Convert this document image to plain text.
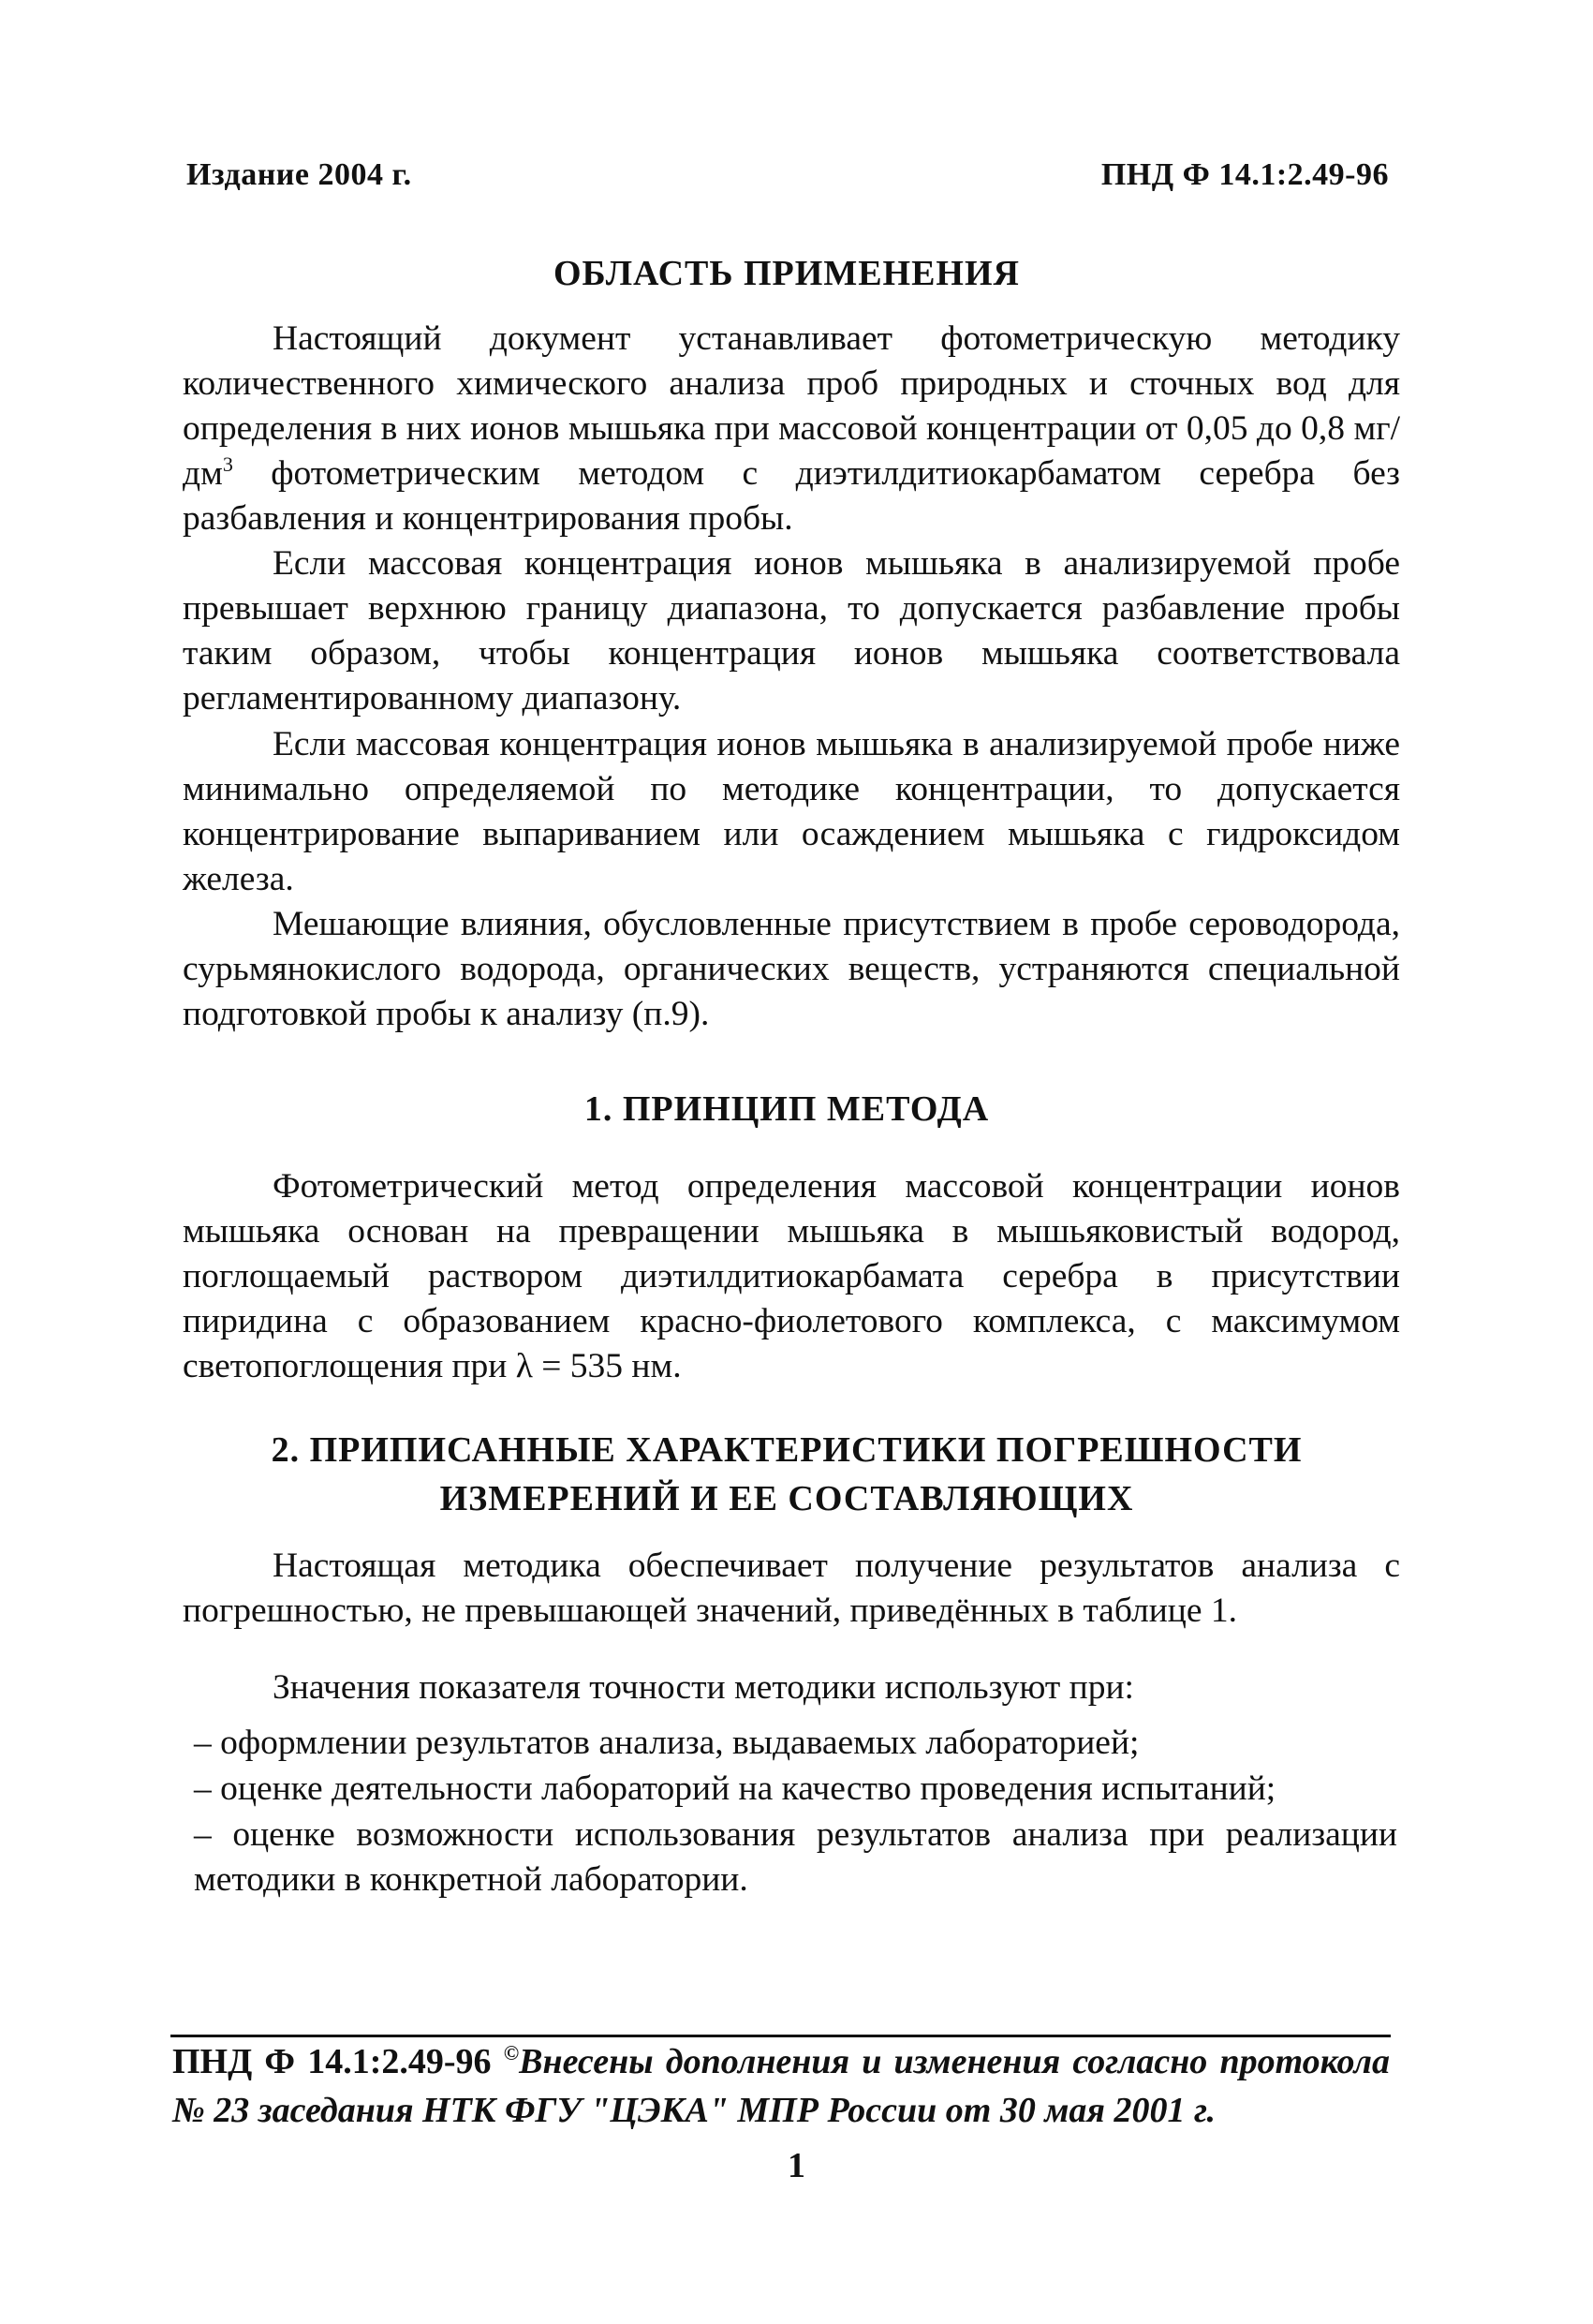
Издание 2004 г.	ПНД Ф 14.1:2.49-96
ОБЛАСТЬ ПРИМЕНЕНИЯ
Настоящий документ устанавливает фотометрическую методику количественного химического анализа проб природных и сточных вод для определения в них ионов мышьяка при массовой концентрации от 0,05 до 0,8 $мг/дм^3$ фотометрическим методом с диэтилдитиокарбаматом серебра без разбавления и концентрирования пробы.
Если массовая концентрация ионов мышьяка в анализируемой пробе превышает верхнюю границу диапазона, то допускается разбавление пробы таким образом, чтобы концентрация ионов мышьяка соответствовала регламентированному диапазону.
Если массовая концентрация ионов мышьяка в анализируемой пробе ниже минимально определяемой по методике концентрации, то допускается концентрирование выпариванием или осаждением мышьяка с гидроксидом железа.
Мешающие влияния, обусловленные присутствием в пробе сероводорода, сурьмянокислого водорода, органических веществ, устраняются специальной подготовкой пробы к анализу (п.9).
1. ПРИНЦИП МЕТОДА
Фотометрический метод определения массовой концентрации ионов мышьяка основан на превращении мышьяка в мышьяковистый водород, поглощаемый раствором диэтилдитиокарбамата серебра в присутствии пиридина с образованием красно-фиолетового комплекса, с максимумом светопоглощения при λ = 535 нм.
2. ПРИПИСАННЫЕ ХАРАКТЕРИСТИКИ ПОГРЕШНОСТИ
ИЗМЕРЕНИЙ И ЕЕ СОСТАВЛЯЮЩИХ
Настоящая методика обеспечивает получение результатов анализа с погрешностью, не превышающей значений, приведённых в таблице 1.
Значения показателя точности методики используют при:
– оформлении результатов анализа, выдаваемых лабораторией;
– оценке деятельности лабораторий на качество проведения испытаний;
– оценке возможности использования результатов анализа при реализации методики в конкретной лаборатории.
ПНД Ф 14.1:2.49-96 ©Внесены дополнения и изменения согласно протокола № 23 заседания НТК ФГУ "ЦЭКА" МПР России от 30 мая 2001 г.
1
